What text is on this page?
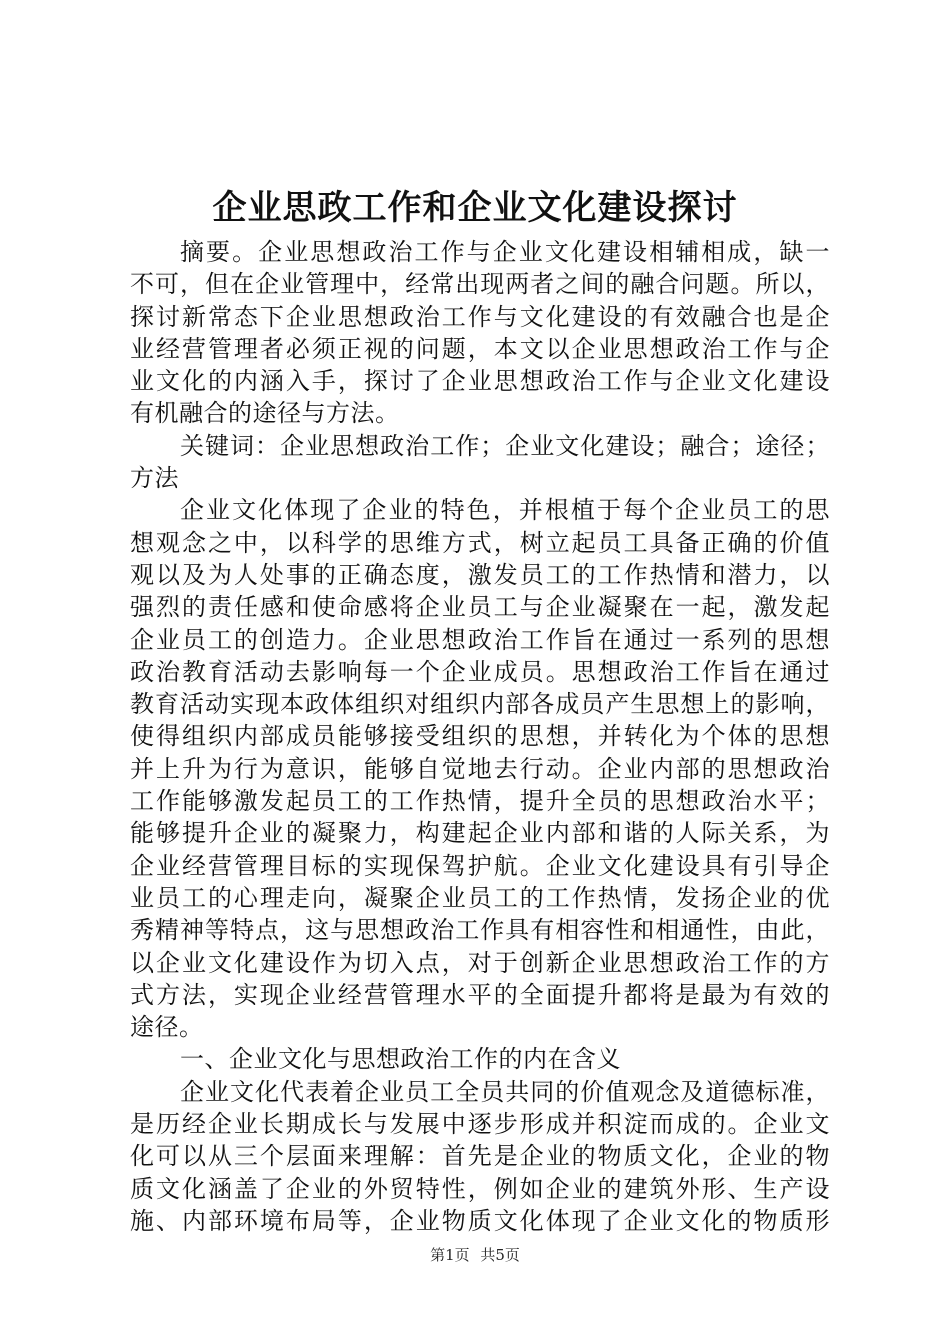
企业思政工作和企业文化建设探讨
摘要。企业思想政治工作与企业文化建设相辅相成，缺一
不可，但在企业管理中，经常出现两者之间的融合问题。所以，
探讨新常态下企业思想政治工作与文化建设的有效融合也是企
业经营管理者必须正视的问题，本文以企业思想政治工作与企
业文化的内涵入手，探讨了企业思想政治工作与企业文化建设
有机融合的途径与方法。
关键词：企业思想政治工作；企业文化建设；融合；途径；
方法
企业文化体现了企业的特色，并根植于每个企业员工的思
想观念之中，以科学的思维方式，树立起员工具备正确的价值
观以及为人处事的正确态度，激发员工的工作热情和潜力，以
强烈的责任感和使命感将企业员工与企业凝聚在一起，激发起
企业员工的创造力。企业思想政治工作旨在通过一系列的思想
政治教育活动去影响每一个企业成员。思想政治工作旨在通过
教育活动实现本政体组织对组织内部各成员产生思想上的影响，
使得组织内部成员能够接受组织的思想，并转化为个体的思想
并上升为行为意识，能够自觉地去行动。企业内部的思想政治
工作能够激发起员工的工作热情，提升全员的思想政治水平；
能够提升企业的凝聚力，构建起企业内部和谐的人际关系，为
企业经营管理目标的实现保驾护航。企业文化建设具有引导企
业员工的心理走向，凝聚企业员工的工作热情，发扬企业的优
秀精神等特点，这与思想政治工作具有相容性和相通性，由此，
以企业文化建设作为切入点，对于创新企业思想政治工作的方
式方法，实现企业经营管理水平的全面提升都将是最为有效的
途径。
一、企业文化与思想政治工作的内在含义
企业文化代表着企业员工全员共同的价值观念及道德标准，
是历经企业长期成长与发展中逐步形成并积淀而成的。企业文
化可以从三个层面来理解：首先是企业的物质文化，企业的物
质文化涵盖了企业的外贸特性，例如企业的建筑外形、生产设
施、内部环境布局等，企业物质文化体现了企业文化的物质形
第1页 共5页
